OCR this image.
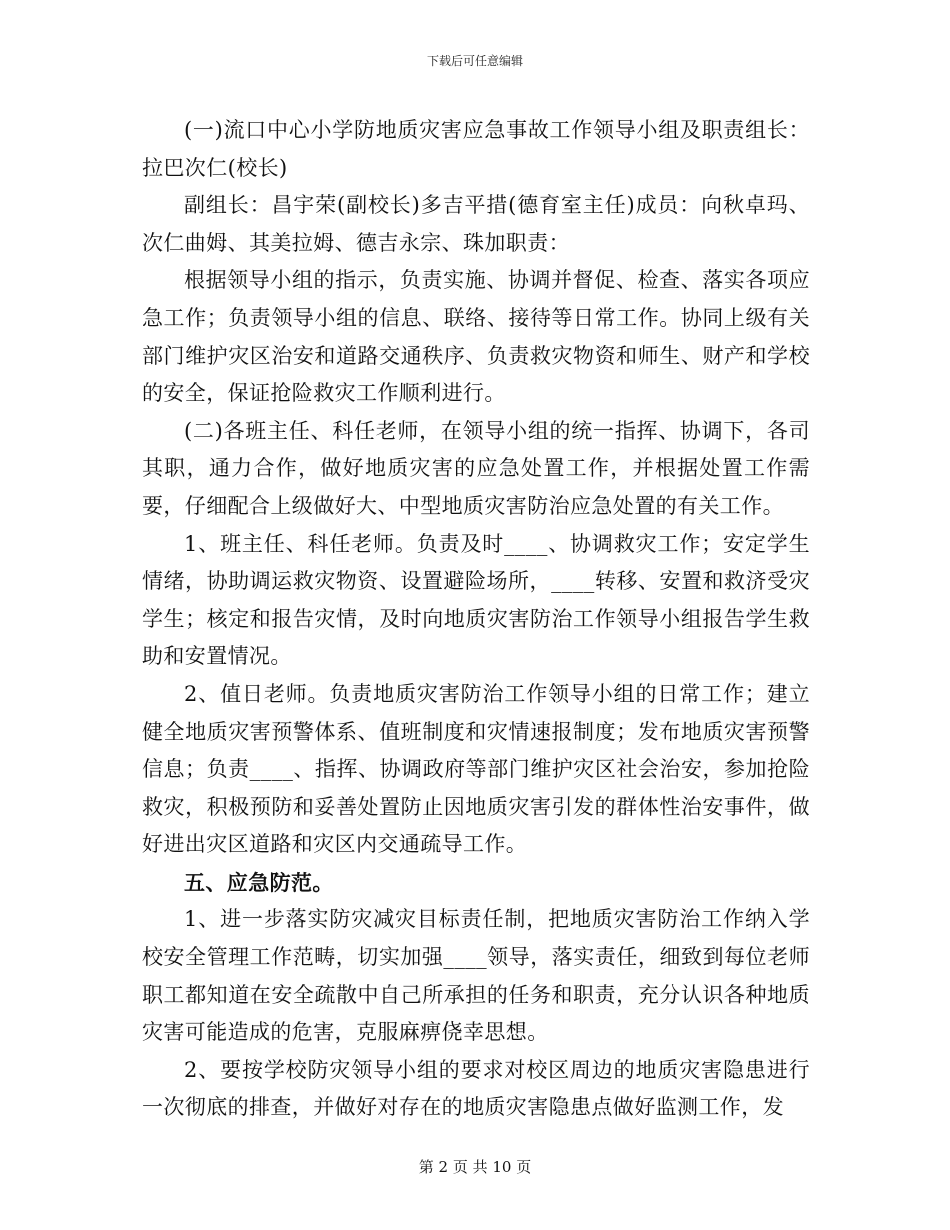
下载后可任意编辑

(一)流口中心小学防地质灾害应急事故工作领导小组及职责组长：拉巴次仁(校长)

副组长：昌宇荣(副校长)多吉平措(德育室主任)成员：向秋卓玛、次仁曲姆、其美拉姆、德吉永宗、珠加职责：

根据领导小组的指示，负责实施、协调并督促、检查、落实各项应急工作；负责领导小组的信息、联络、接待等日常工作。协同上级有关部门维护灾区治安和道路交通秩序、负责救灾物资和师生、财产和学校的安全，保证抢险救灾工作顺利进行。

(二)各班主任、科任老师，在领导小组的统一指挥、协调下，各司其职，通力合作，做好地质灾害的应急处置工作，并根据处置工作需要，仔细配合上级做好大、中型地质灾害防治应急处置的有关工作。

1、班主任、科任老师。负责及时____、协调救灾工作；安定学生情绪，协助调运救灾物资、设置避险场所，____转移、安置和救济受灾学生；核定和报告灾情，及时向地质灾害防治工作领导小组报告学生救助和安置情况。

2、值日老师。负责地质灾害防治工作领导小组的日常工作；建立健全地质灾害预警体系、值班制度和灾情速报制度；发布地质灾害预警信息；负责____、指挥、协调政府等部门维护灾区社会治安，参加抢险救灾，积极预防和妥善处置防止因地质灾害引发的群体性治安事件，做好进出灾区道路和灾区内交通疏导工作。

五、应急防范。

1、进一步落实防灾减灾目标责任制，把地质灾害防治工作纳入学校安全管理工作范畴，切实加强____领导，落实责任，细致到每位老师职工都知道在安全疏散中自己所承担的任务和职责，充分认识各种地质灾害可能造成的危害，克服麻痹侥幸思想。

2、要按学校防灾领导小组的要求对校区周边的地质灾害隐患进行一次彻底的排查，并做好对存在的地质灾害隐患点做好监测工作，发

第 2 页 共 10 页
